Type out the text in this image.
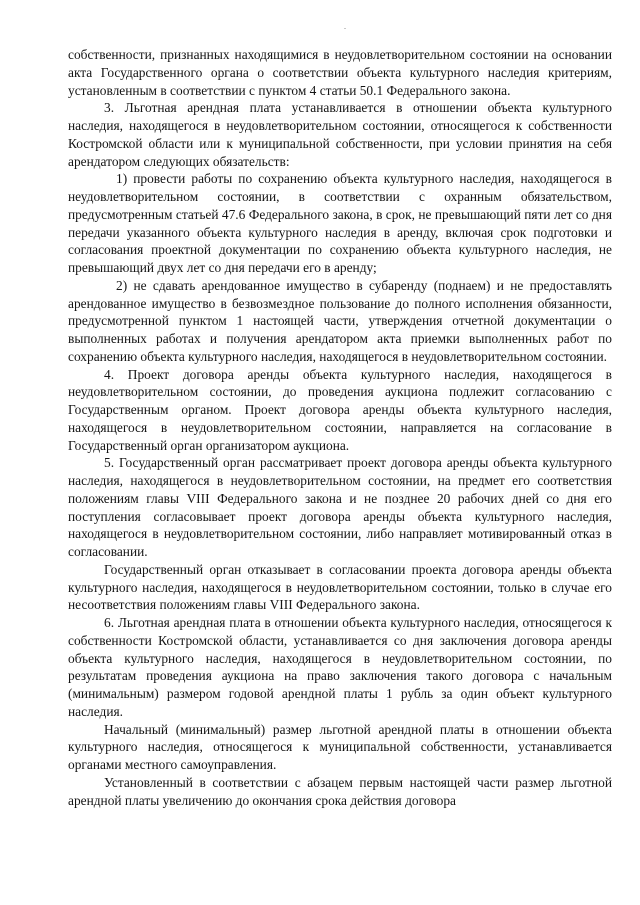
собственности, признанных находящимися в неудовлетворительном состоянии на основании акта Государственного органа о соответствии объекта культурного наследия критериям, установленным в соответствии с пунктом 4 статьи 50.1 Федерального закона.

3. Льготная арендная плата устанавливается в отношении объекта культурного наследия, находящегося в неудовлетворительном состоянии, относящегося к собственности Костромской области или к муниципальной собственности, при условии принятия на себя арендатором следующих обязательств:

1) провести работы по сохранению объекта культурного наследия, находящегося в неудовлетворительном состоянии, в соответствии с охранным обязательством, предусмотренным статьей 47.6 Федерального закона, в срок, не превышающий пяти лет со дня передачи указанного объекта культурного наследия в аренду, включая срок подготовки и согласования проектной документации по сохранению объекта культурного наследия, не превышающий двух лет со дня передачи его в аренду;

2) не сдавать арендованное имущество в субаренду (поднаем) и не предоставлять арендованное имущество в безвозмездное пользование до полного исполнения обязанности, предусмотренной пунктом 1 настоящей части, утверждения отчетной документации о выполненных работах и получения арендатором акта приемки выполненных работ по сохранению объекта культурного наследия, находящегося в неудовлетворительном состоянии.

4. Проект договора аренды объекта культурного наследия, находящегося в неудовлетворительном состоянии, до проведения аукциона подлежит согласованию с Государственным органом. Проект договора аренды объекта культурного наследия, находящегося в неудовлетворительном состоянии, направляется на согласование в Государственный орган организатором аукциона.

5. Государственный орган рассматривает проект договора аренды объекта культурного наследия, находящегося в неудовлетворительном состоянии, на предмет его соответствия положениям главы VIII Федерального закона и не позднее 20 рабочих дней со дня его поступления согласовывает проект договора аренды объекта культурного наследия, находящегося в неудовлетворительном состоянии, либо направляет мотивированный отказ в согласовании.

Государственный орган отказывает в согласовании проекта договора аренды объекта культурного наследия, находящегося в неудовлетворительном состоянии, только в случае его несоответствия положениям главы VIII Федерального закона.

6. Льготная арендная плата в отношении объекта культурного наследия, относящегося к собственности Костромской области, устанавливается со дня заключения договора аренды объекта культурного наследия, находящегося в неудовлетворительном состоянии, по результатам проведения аукциона на право заключения такого договора с начальным (минимальным) размером годовой арендной платы 1 рубль за один объект культурного наследия.

Начальный (минимальный) размер льготной арендной платы в отношении объекта культурного наследия, относящегося к муниципальной собственности, устанавливается органами местного самоуправления.

Установленный в соответствии с абзацем первым настоящей части размер льготной арендной платы увеличению до окончания срока действия договора
